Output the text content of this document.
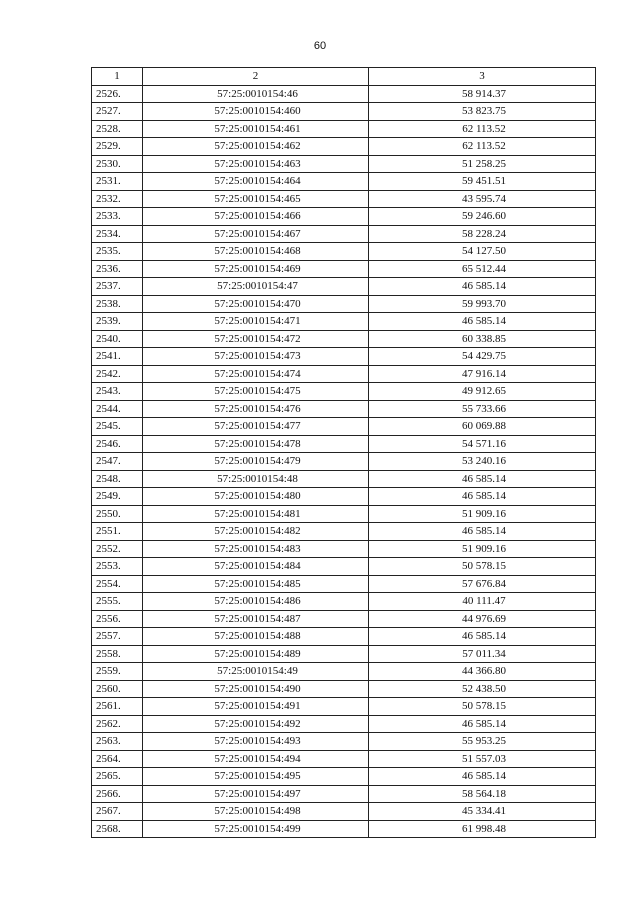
60
1	2	3
2526.	57:25:0010154:46	58 914.37
2527.	57:25:0010154:460	53 823.75
2528.	57:25:0010154:461	62 113.52
2529.	57:25:0010154:462	62 113.52
2530.	57:25:0010154:463	51 258.25
2531.	57:25:0010154:464	59 451.51
2532.	57:25:0010154:465	43 595.74
2533.	57:25:0010154:466	59 246.60
2534.	57:25:0010154:467	58 228.24
2535.	57:25:0010154:468	54 127.50
2536.	57:25:0010154:469	65 512.44
2537.	57:25:0010154:47	46 585.14
2538.	57:25:0010154:470	59 993.70
2539.	57:25:0010154:471	46 585.14
2540.	57:25:0010154:472	60 338.85
2541.	57:25:0010154:473	54 429.75
2542.	57:25:0010154:474	47 916.14
2543.	57:25:0010154:475	49 912.65
2544.	57:25:0010154:476	55 733.66
2545.	57:25:0010154:477	60 069.88
2546.	57:25:0010154:478	54 571.16
2547.	57:25:0010154:479	53 240.16
2548.	57:25:0010154:48	46 585.14
2549.	57:25:0010154:480	46 585.14
2550.	57:25:0010154:481	51 909.16
2551.	57:25:0010154:482	46 585.14
2552.	57:25:0010154:483	51 909.16
2553.	57:25:0010154:484	50 578.15
2554.	57:25:0010154:485	57 676.84
2555.	57:25:0010154:486	40 111.47
2556.	57:25:0010154:487	44 976.69
2557.	57:25:0010154:488	46 585.14
2558.	57:25:0010154:489	57 011.34
2559.	57:25:0010154:49	44 366.80
2560.	57:25:0010154:490	52 438.50
2561.	57:25:0010154:491	50 578.15
2562.	57:25:0010154:492	46 585.14
2563.	57:25:0010154:493	55 953.25
2564.	57:25:0010154:494	51 557.03
2565.	57:25:0010154:495	46 585.14
2566.	57:25:0010154:497	58 564.18
2567.	57:25:0010154:498	45 334.41
2568.	57:25:0010154:499	61 998.48
